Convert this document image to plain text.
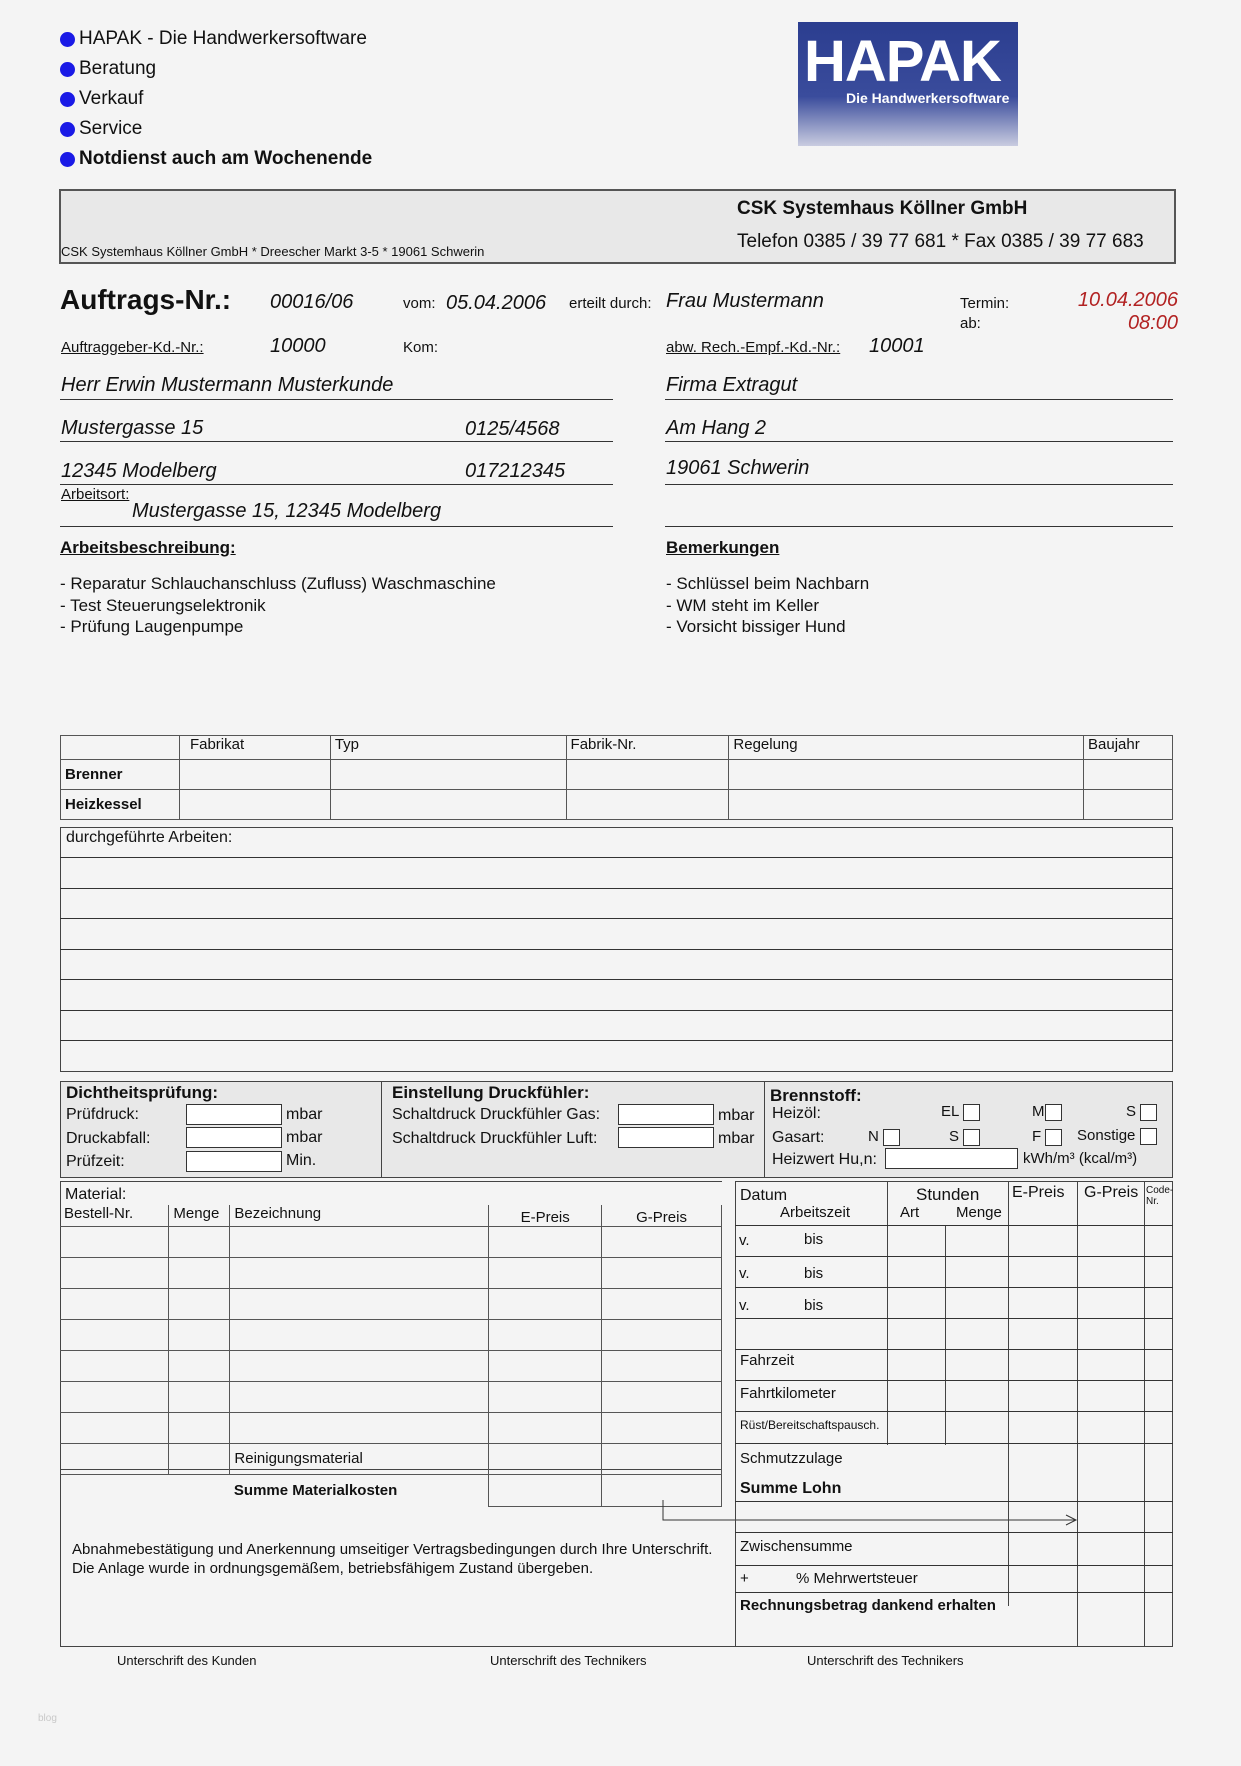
HAPAK - Die Handwerkersoftware
Beratung
Verkauf
Service
Notdienst auch am Wochenende
HAPAK
Die Handwerkersoftware
CSK Systemhaus Köllner GmbH
Telefon 0385 / 39 77 681 * Fax 0385 / 39 77 683
CSK Systemhaus Köllner GmbH * Dreescher Markt 3-5 * 19061 Schwerin
Auftrags-Nr.: 00016/06	vom: 05.04.2006 erteilt durch: Frau Mustermann	Termin:
ab:
10.04.2006
08:00
Auftraggeber-Kd.-Nr.:	10000	Kom:	abw. Rech.-Empf.-Kd.-Nr.: 10001
Herr Erwin Mustermann Musterkunde
Mustergasse 15	0125/4568
12345 Modelberg	017212345
Arbeitsort:
Mustergasse 15, 12345 Modelberg
Firma Extragut
Am Hang 2
19061 Schwerin
Arbeitsbeschreibung:
- Reparatur Schlauchanschluss (Zufluss) Waschmaschine
- Test Steuerungselektronik
- Prüfung Laugenpumpe
Bemerkungen
- Schlüssel beim Nachbarn
- WM steht im Keller
- Vorsicht bissiger Hund
	Fabrikat	Typ	Fabrik-Nr.	Regelung	Baujahr
Brenner					
Heizkessel					
durchgeführte Arbeiten:
Dichtheitsprüfung:
Prüfdruck:	mbar
Druckabfall:	mbar
Prüfzeit:	Min.
Einstellung Druckfühler:
Schaltdruck Druckfühler Gas:	mbar
Schaltdruck Druckfühler Luft:	mbar
Brennstoff:
Heizöl:	EL	M	S
Gasart:	N	S	F	Sonstige
Heizwert Hu,n:	kWh/m³ (kcal/m³)
Material:
Bestell-Nr.	Menge	Bezeichnung	E-Preis	G-Preis

		Reinigungsmaterial		
		Summe Materialkosten		
Abnahmebestätigung und Anerkennung umseitiger Vertragsbedingungen durch Ihre Unterschrift.
Die Anlage wurde in ordnungsgemäßem, betriebsfähigem Zustand übergeben.
Datum
Arbeitszeit
Stunden
Art Menge
E-Preis G-Preis Code-Nr.
v.	bis
v.	bis
v.	bis
Fahrzeit
Fahrtkilometer
Rüst/Bereitschaftspausch.
Schmutzzulage
Summe Lohn
Zwischensumme
+	% Mehrwertsteuer
Rechnungsbetrag dankend erhalten
Unterschrift des Kunden	Unterschrift des Technikers	Unterschrift des Technikers
blog
